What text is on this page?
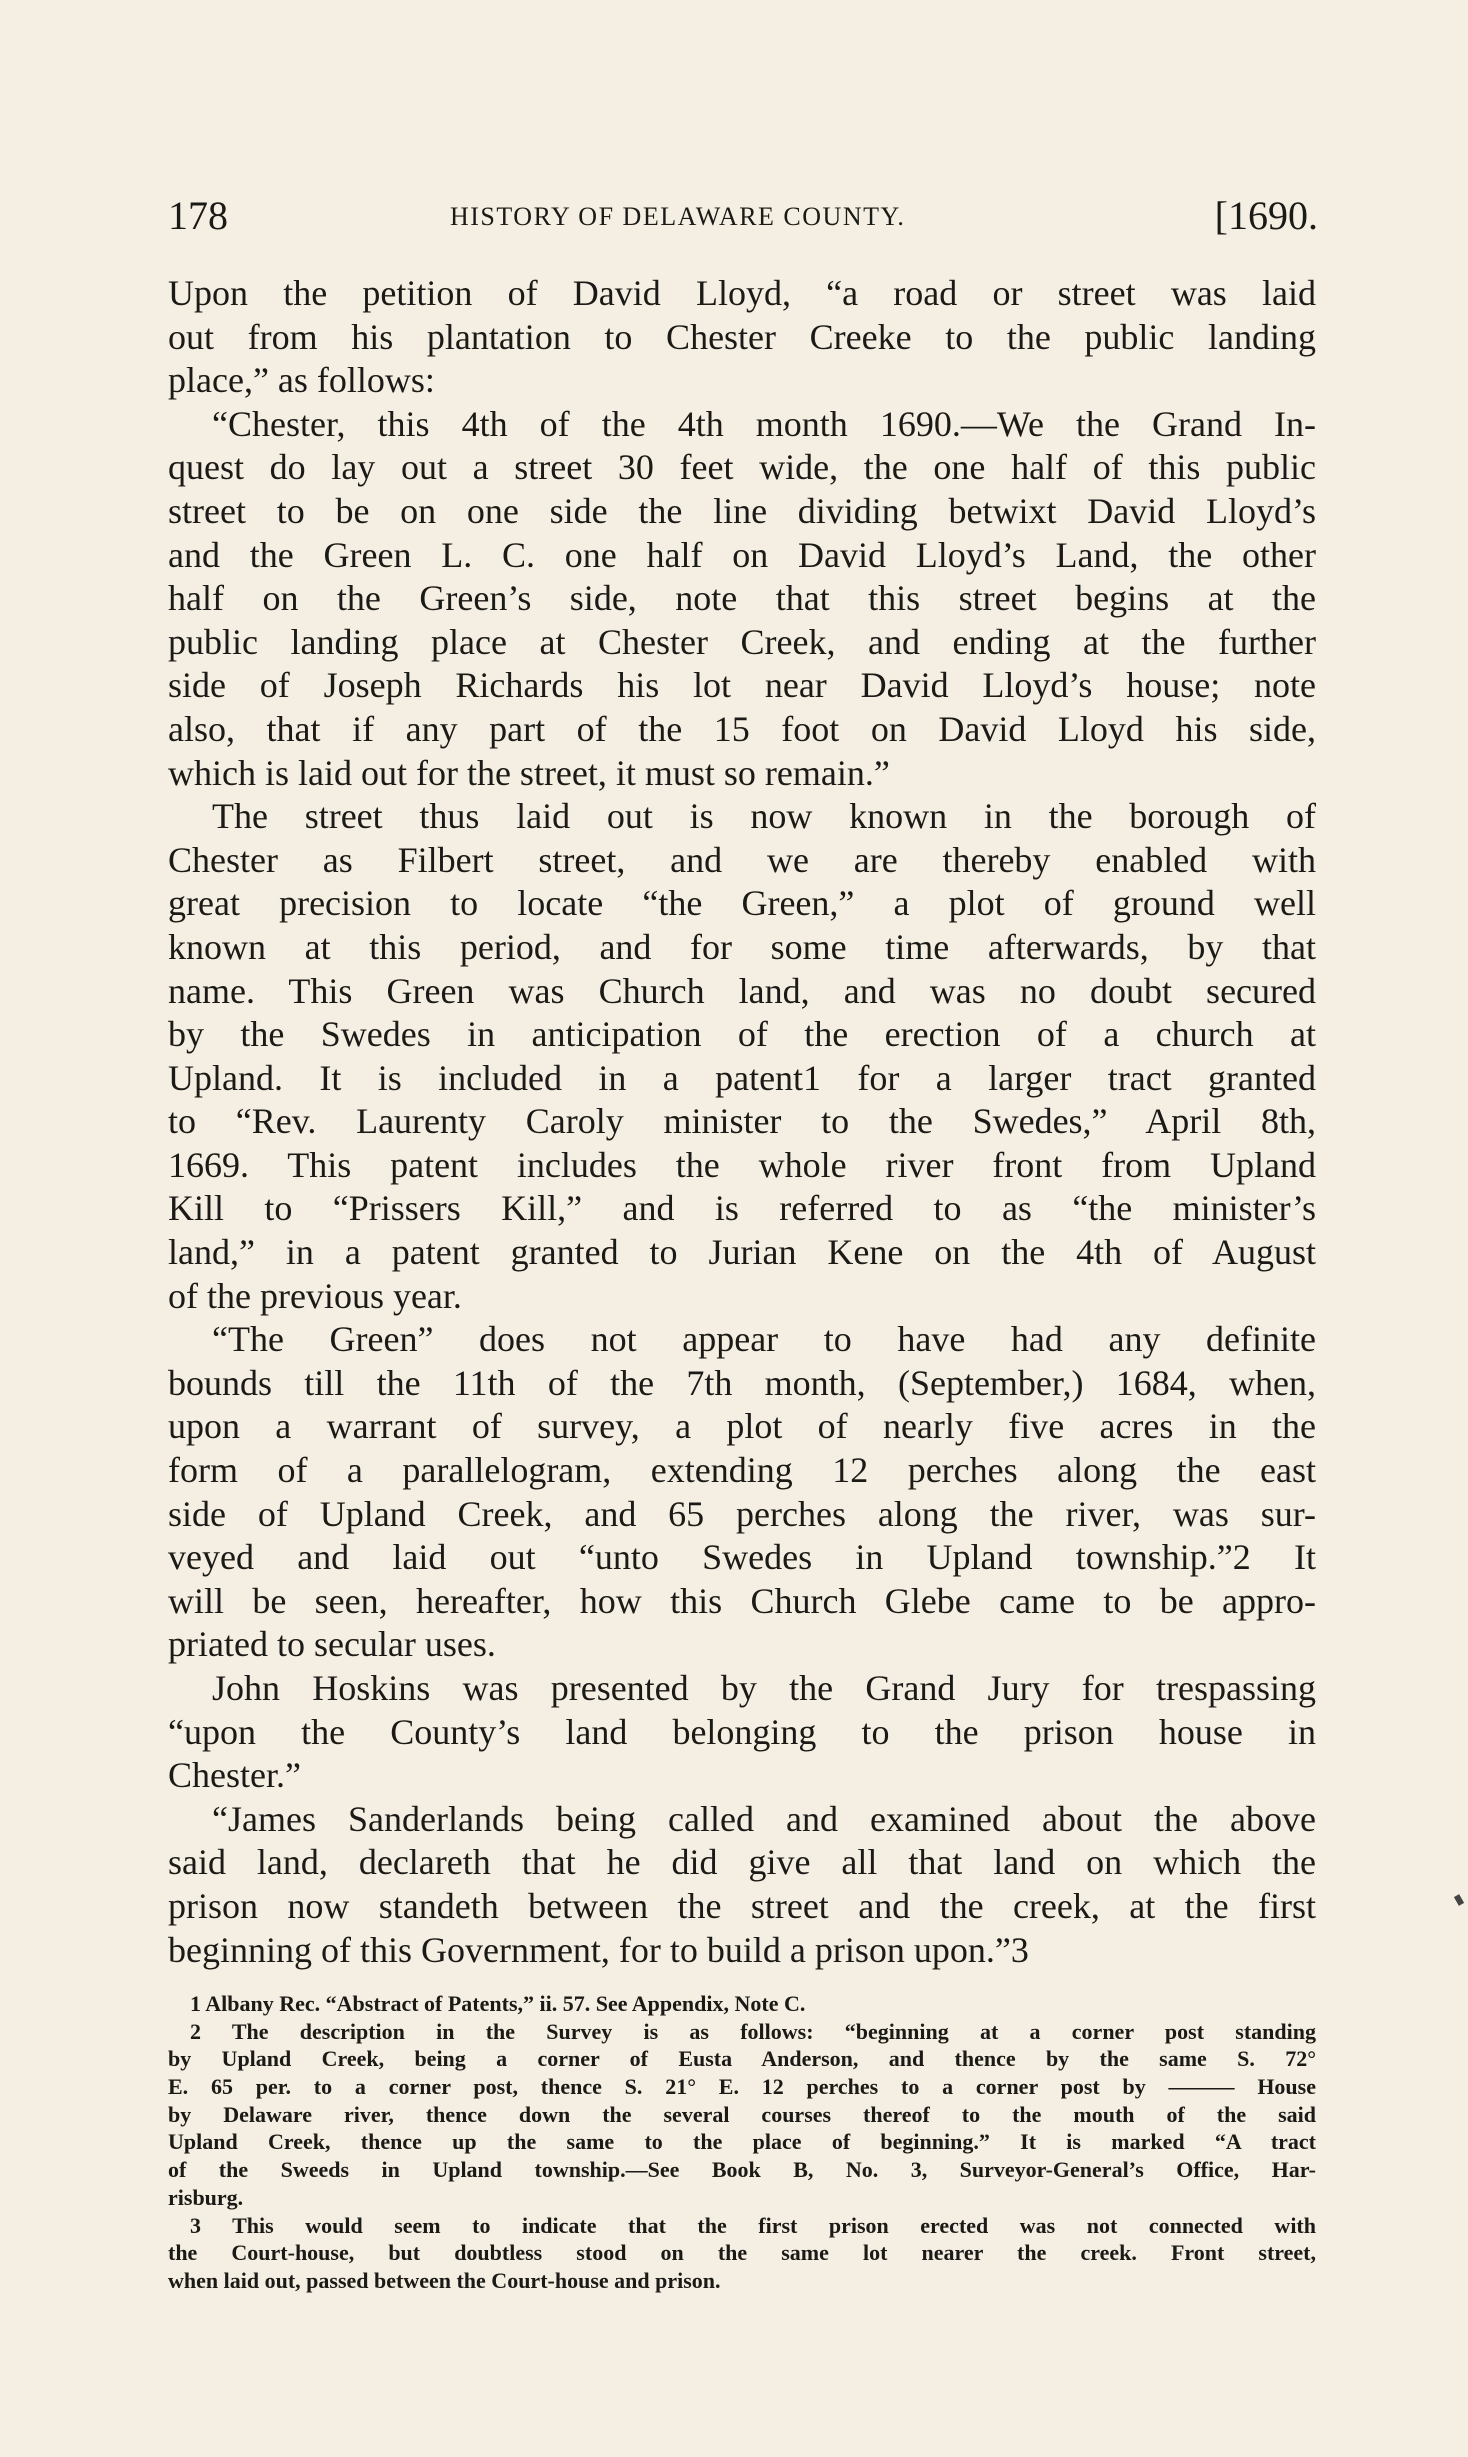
178	HISTORY OF DELAWARE COUNTY.	[1690.
Upon the petition of David Lloyd, “a road or street was laid
out from his plantation to Chester Creeke to the public landing
place,” as follows:
“Chester, this 4th of the 4th month 1690.—We the Grand In-
quest do lay out a street 30 feet wide, the one half of this public
street to be on one side the line dividing betwixt David Lloyd’s
and the Green L. C. one half on David Lloyd’s Land, the other
half on the Green’s side, note that this street begins at the
public landing place at Chester Creek, and ending at the further
side of Joseph Richards his lot near David Lloyd’s house; note
also, that if any part of the 15 foot on David Lloyd his side,
which is laid out for the street, it must so remain.”
The street thus laid out is now known in the borough of
Chester as Filbert street, and we are thereby enabled with
great precision to locate “the Green,” a plot of ground well
known at this period, and for some time afterwards, by that
name. This Green was Church land, and was no doubt secured
by the Swedes in anticipation of the erection of a church at
Upland. It is included in a patent1 for a larger tract granted
to “Rev. Laurenty Caroly minister to the Swedes,” April 8th,
1669. This patent includes the whole river front from Upland
Kill to “Prissers Kill,” and is referred to as “the minister’s
land,” in a patent granted to Jurian Kene on the 4th of August
of the previous year.
“The Green” does not appear to have had any definite
bounds till the 11th of the 7th month, (September,) 1684, when,
upon a warrant of survey, a plot of nearly five acres in the
form of a parallelogram, extending 12 perches along the east
side of Upland Creek, and 65 perches along the river, was sur-
veyed and laid out “unto Swedes in Upland township.”2 It
will be seen, hereafter, how this Church Glebe came to be appro-
priated to secular uses.
John Hoskins was presented by the Grand Jury for trespassing
“upon the County’s land belonging to the prison house in
Chester.”
“James Sanderlands being called and examined about the above
said land, declareth that he did give all that land on which the
prison now standeth between the street and the creek, at the first
beginning of this Government, for to build a prison upon.”3
1 Albany Rec. “Abstract of Patents,” ii. 57. See Appendix, Note C.
2 The description in the Survey is as follows: “beginning at a corner post standing
by Upland Creek, being a corner of Eusta Anderson, and thence by the same S. 72°
E. 65 per. to a corner post, thence S. 21° E. 12 perches to a corner post by ——— House
by Delaware river, thence down the several courses thereof to the mouth of the said
Upland Creek, thence up the same to the place of beginning.” It is marked “A tract
of the Sweeds in Upland township.—See Book B, No. 3, Surveyor-General’s Office, Har-
risburg.
3 This would seem to indicate that the first prison erected was not connected with
the Court-house, but doubtless stood on the same lot nearer the creek. Front street,
when laid out, passed between the Court-house and prison.
